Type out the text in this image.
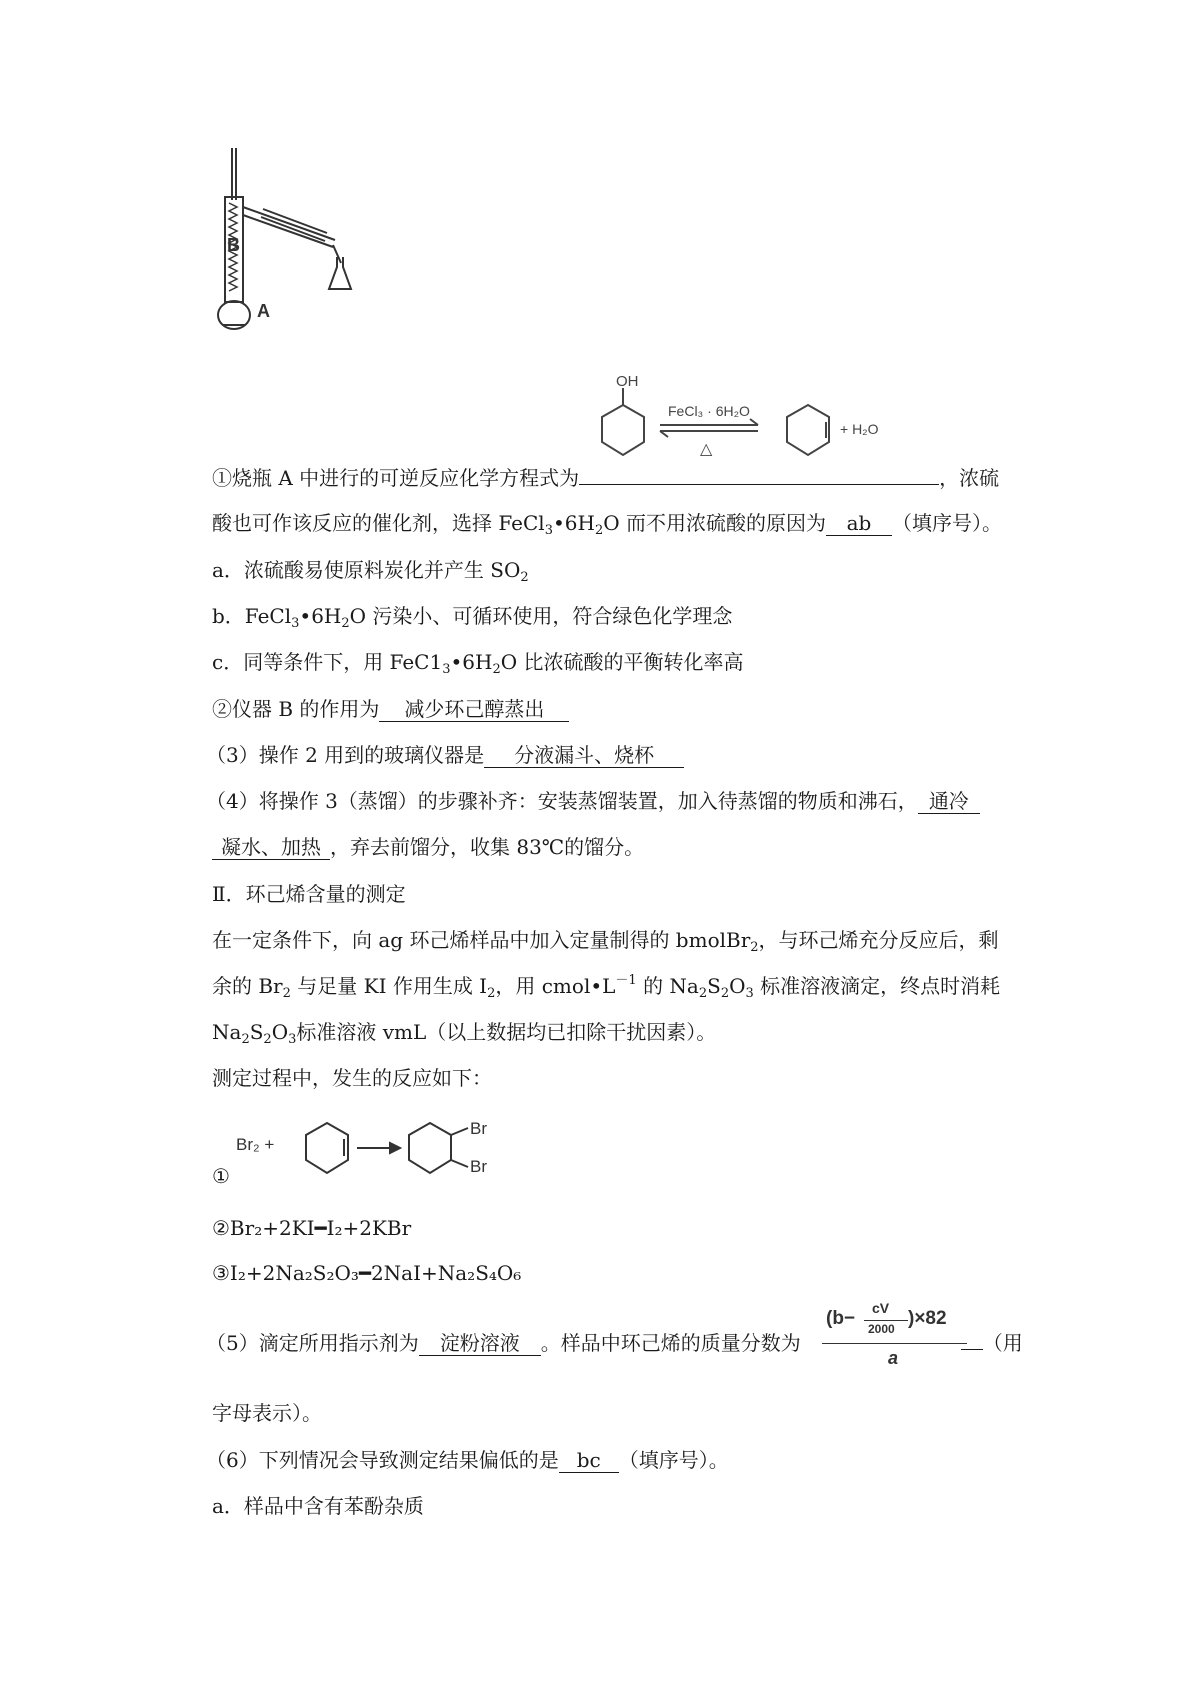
B
A
OH
FeCl₃ · 6H₂O
△
+ H₂O
①烧瓶 A 中进行的可逆反应化学方程式为	，浓硫
酸也可作该反应的催化剂，选择 $FeCl_3•6H_2O$ 而不用浓硫酸的原因为 ab （填序号）。
a．浓硫酸易使原料炭化并产生 $SO_2$
b．$FeCl_3•6H_2O$ 污染小、可循环使用，符合绿色化学理念
c．同等条件下，用 $FeC1_3•6H_2O$ 比浓硫酸的平衡转化率高
②仪器 B 的作用为 减少环己醇蒸出
（3）操作 2 用到的玻璃仪器是 分液漏斗、烧杯
（4）将操作 3（蒸馏）的步骤补齐：安装蒸馏装置，加入待蒸馏的物质和沸石， 通冷
凝水、加热 ，弃去前馏分，收集 83℃的馏分。
Ⅱ．环己烯含量的测定
在一定条件下，向 ag 环己烯样品中加入定量制得的 bmolBr$_2$，与环己烯充分反应后，剩
余的 $Br_2$ 与足量 KI 作用生成 $I_2$，用 $cmol•L^{-1}$ 的 $Na_2S_2O_3$ 标准溶液滴定，终点时消耗
$Na_2S_2O_3$标准溶液 vmL（以上数据均已扣除干扰因素）。
测定过程中，发生的反应如下：
Br₂ +
Br
Br
①
②Br₂+2KI━I₂+2KBr
③I₂+2Na₂S₂O₃━2NaI+Na₂S₄O₆
（5）滴定所用指示剂为 淀粉溶液 。样品中环己烯的质量分数为	（用
(b− cV
2000 )×82
a
字母表示）。
（6）下列情况会导致测定结果偏低的是 bc （填序号）。
a．样品中含有苯酚杂质
